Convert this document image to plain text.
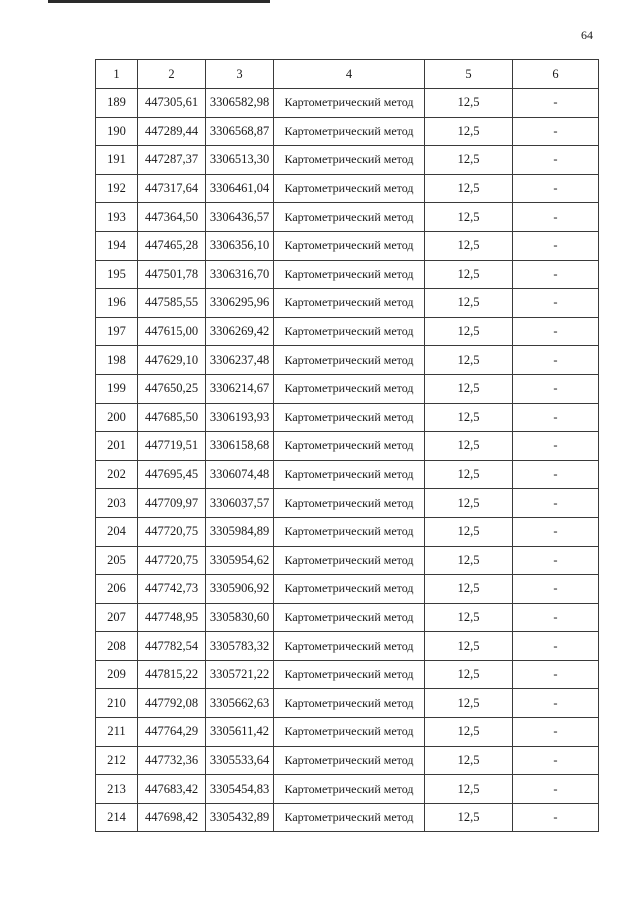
64
1	2	3	4	5	6
189	447305,61	3306582,98	Картометрический метод	12,5	-
190	447289,44	3306568,87	Картометрический метод	12,5	-
191	447287,37	3306513,30	Картометрический метод	12,5	-
192	447317,64	3306461,04	Картометрический метод	12,5	-
193	447364,50	3306436,57	Картометрический метод	12,5	-
194	447465,28	3306356,10	Картометрический метод	12,5	-
195	447501,78	3306316,70	Картометрический метод	12,5	-
196	447585,55	3306295,96	Картометрический метод	12,5	-
197	447615,00	3306269,42	Картометрический метод	12,5	-
198	447629,10	3306237,48	Картометрический метод	12,5	-
199	447650,25	3306214,67	Картометрический метод	12,5	-
200	447685,50	3306193,93	Картометрический метод	12,5	-
201	447719,51	3306158,68	Картометрический метод	12,5	-
202	447695,45	3306074,48	Картометрический метод	12,5	-
203	447709,97	3306037,57	Картометрический метод	12,5	-
204	447720,75	3305984,89	Картометрический метод	12,5	-
205	447720,75	3305954,62	Картометрический метод	12,5	-
206	447742,73	3305906,92	Картометрический метод	12,5	-
207	447748,95	3305830,60	Картометрический метод	12,5	-
208	447782,54	3305783,32	Картометрический метод	12,5	-
209	447815,22	3305721,22	Картометрический метод	12,5	-
210	447792,08	3305662,63	Картометрический метод	12,5	-
211	447764,29	3305611,42	Картометрический метод	12,5	-
212	447732,36	3305533,64	Картометрический метод	12,5	-
213	447683,42	3305454,83	Картометрический метод	12,5	-
214	447698,42	3305432,89	Картометрический метод	12,5	-
